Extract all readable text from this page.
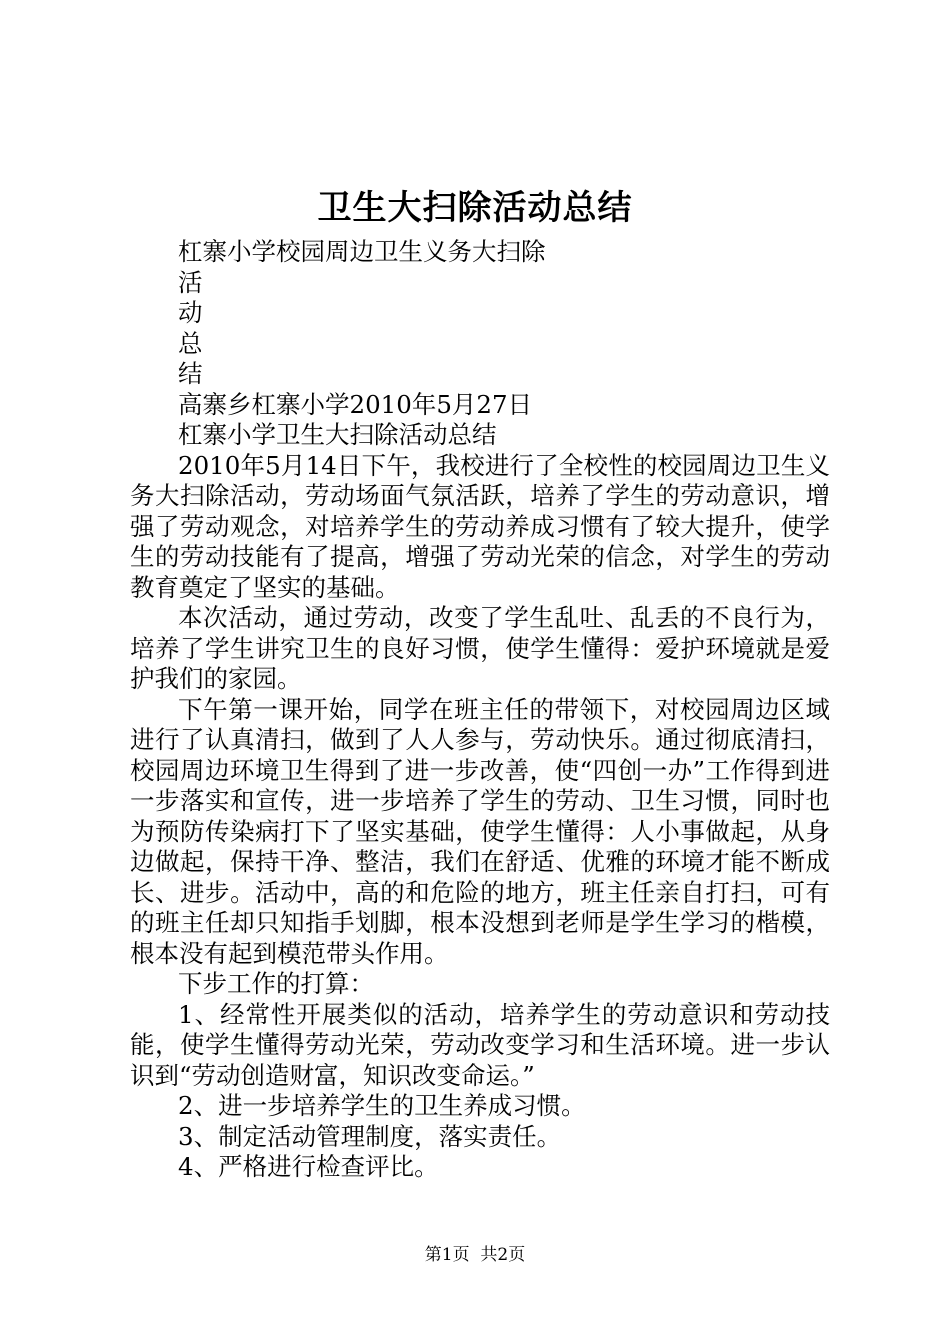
卫生大扫除活动总结
杠寨小学校园周边卫生义务大扫除
活
动
总
结
高寨乡杠寨小学2010年5月27日
杠寨小学卫生大扫除活动总结

2010年5月14日下午，我校进行了全校性的校园周边卫生义务大扫除活动，劳动场面气氛活跃，培养了学生的劳动意识，增强了劳动观念，对培养学生的劳动养成习惯有了较大提升，使学生的劳动技能有了提高，增强了劳动光荣的信念，对学生的劳动教育奠定了坚实的基础。

本次活动，通过劳动，改变了学生乱吐、乱丢的不良行为，培养了学生讲究卫生的良好习惯，使学生懂得：爱护环境就是爱护我们的家园。

下午第一课开始，同学在班主任的带领下，对校园周边区域进行了认真清扫，做到了人人参与，劳动快乐。通过彻底清扫，校园周边环境卫生得到了进一步改善，使“四创一办”工作得到进一步落实和宣传，进一步培养了学生的劳动、卫生习惯，同时也为预防传染病打下了坚实基础，使学生懂得：人小事做起，从身边做起，保持干净、整洁，我们在舒适、优雅的环境才能不断成长、进步。活动中，高的和危险的地方，班主任亲自打扫，可有的班主任却只知指手划脚，根本没想到老师是学生学习的楷模，根本没有起到模范带头作用。

下步工作的打算：

1、经常性开展类似的活动，培养学生的劳动意识和劳动技能，使学生懂得劳动光荣，劳动改变学习和生活环境。进一步认识到“劳动创造财富，知识改变命运。”

2、进一步培养学生的卫生养成习惯。

3、制定活动管理制度，落实责任。

4、严格进行检查评比。

第1页 共2页
